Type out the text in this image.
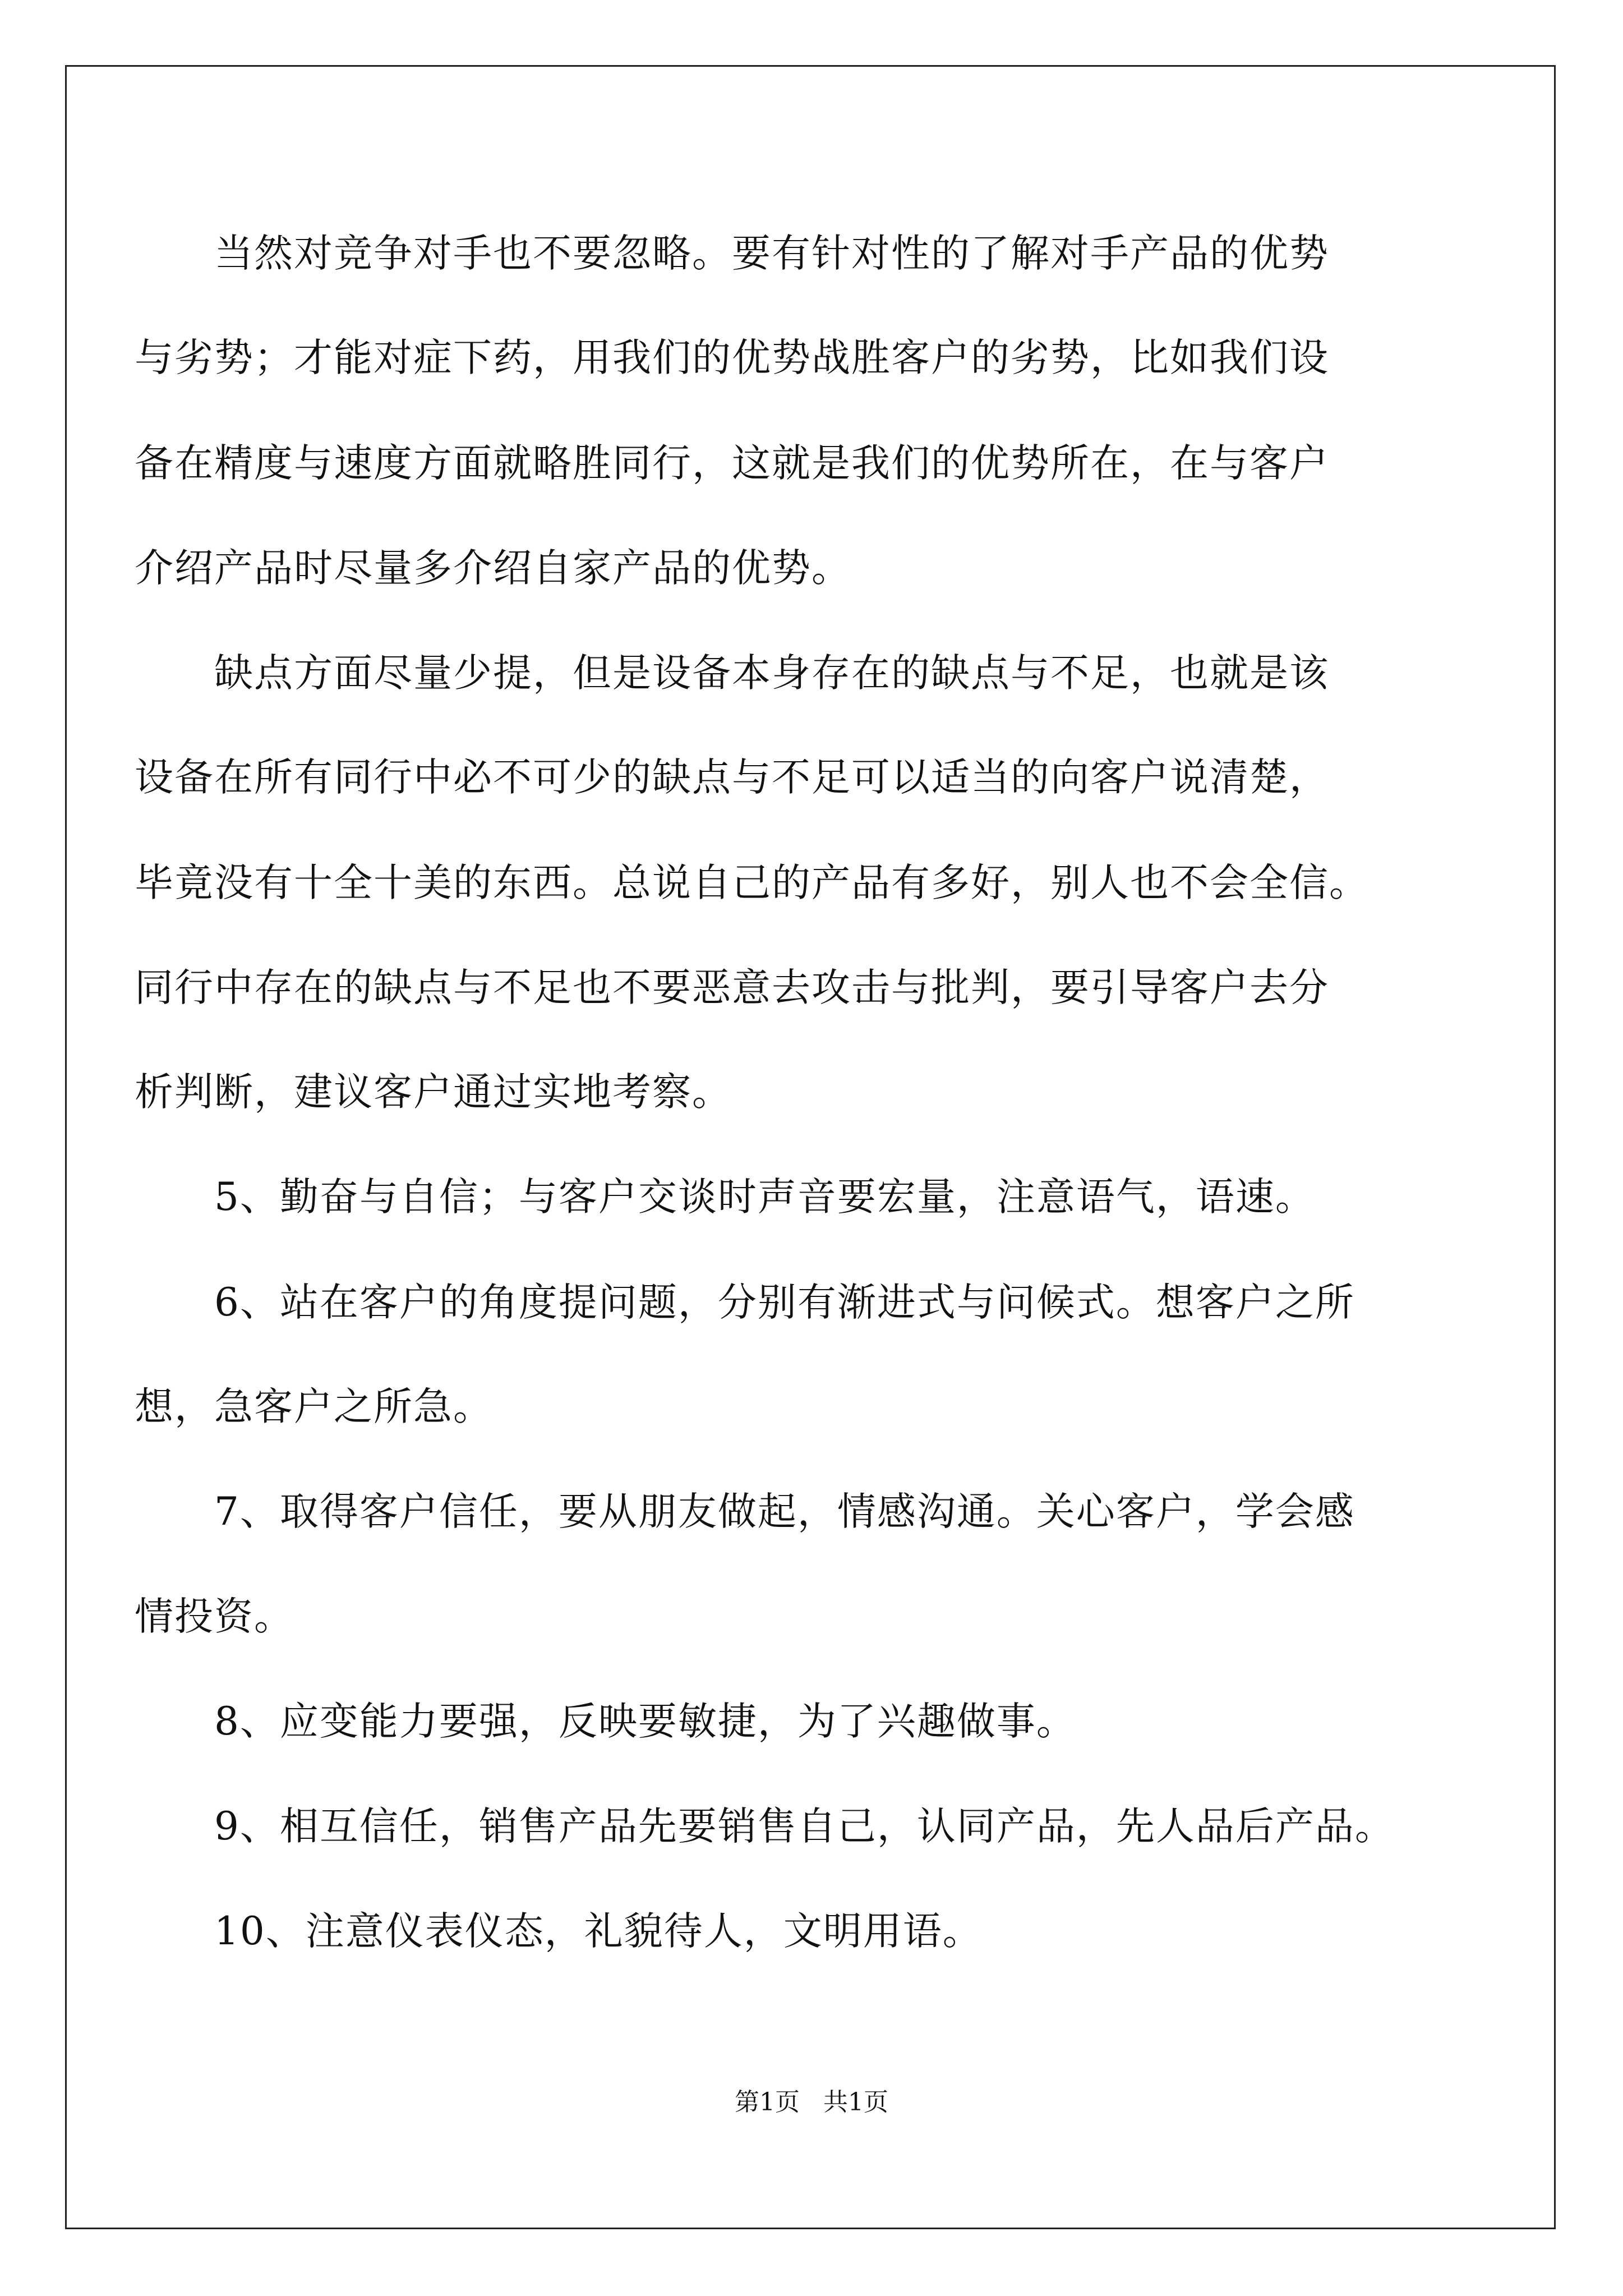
　　当然对竞争对手也不要忽略。要有针对性的了解对手产品的优势
与劣势；才能对症下药，用我们的优势战胜客户的劣势，比如我们设
备在精度与速度方面就略胜同行，这就是我们的优势所在，在与客户
介绍产品时尽量多介绍自家产品的优势。
　　缺点方面尽量少提，但是设备本身存在的缺点与不足，也就是该
设备在所有同行中必不可少的缺点与不足可以适当的向客户说清楚，
毕竟没有十全十美的东西。总说自己的产品有多好，别人也不会全信。
同行中存在的缺点与不足也不要恶意去攻击与批判，要引导客户去分
析判断，建议客户通过实地考察。
　　5、勤奋与自信；与客户交谈时声音要宏量，注意语气，语速。
　　6、站在客户的角度提问题，分别有渐进式与问候式。想客户之所
想，急客户之所急。
　　7、取得客户信任，要从朋友做起，情感沟通。关心客户，学会感
情投资。
　　8、应变能力要强，反映要敏捷，为了兴趣做事。
　　9、相互信任，销售产品先要销售自己，认同产品，先人品后产品。
　　10、注意仪表仪态，礼貌待人，文明用语。
第1页 共1页
